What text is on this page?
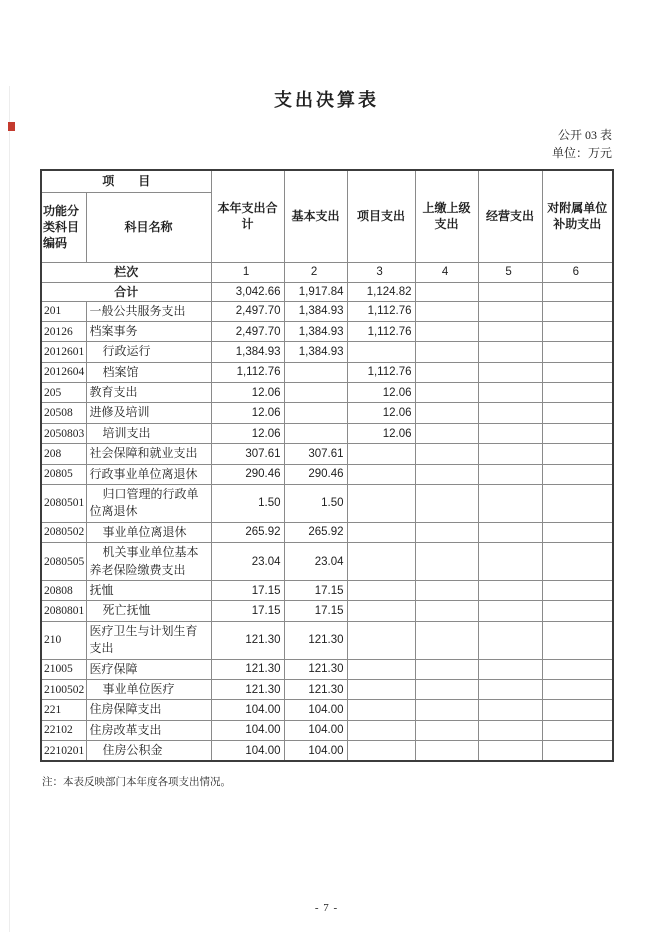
支出决算表
公开 03 表
单位：万元
项　　目		本年支出合计	基本支出	项目支出	上缴上级支出	经营支出	对附属单位补助支出
功能分类科目编码	科目名称						
栏次		1	2	3	4	5	6
合计		3,042.66	1,917.84	1,124.82			
201	一般公共服务支出	2,497.70	1,384.93	1,112.76			
20126	档案事务	2,497.70	1,384.93	1,112.76			
2012601	行政运行	1,384.93	1,384.93				
2012604	档案馆	1,112.76		1,112.76			
205	教育支出	12.06		12.06			
20508	进修及培训	12.06		12.06			
2050803	培训支出	12.06		12.06			
208	社会保障和就业支出	307.61	307.61				
20805	行政事业单位离退休	290.46	290.46				
2080501	归口管理的行政单位离退休	1.50	1.50				
2080502	事业单位离退休	265.92	265.92				
2080505	机关事业单位基本养老保险缴费支出	23.04	23.04				
20808	抚恤	17.15	17.15				
2080801	死亡抚恤	17.15	17.15				
210	医疗卫生与计划生育支出	121.30	121.30				
21005	医疗保障	121.30	121.30				
2100502	事业单位医疗	121.30	121.30				
221	住房保障支出	104.00	104.00				
22102	住房改革支出	104.00	104.00				
2210201	住房公积金	104.00	104.00				
注：本表反映部门本年度各项支出情况。
- 7 -
